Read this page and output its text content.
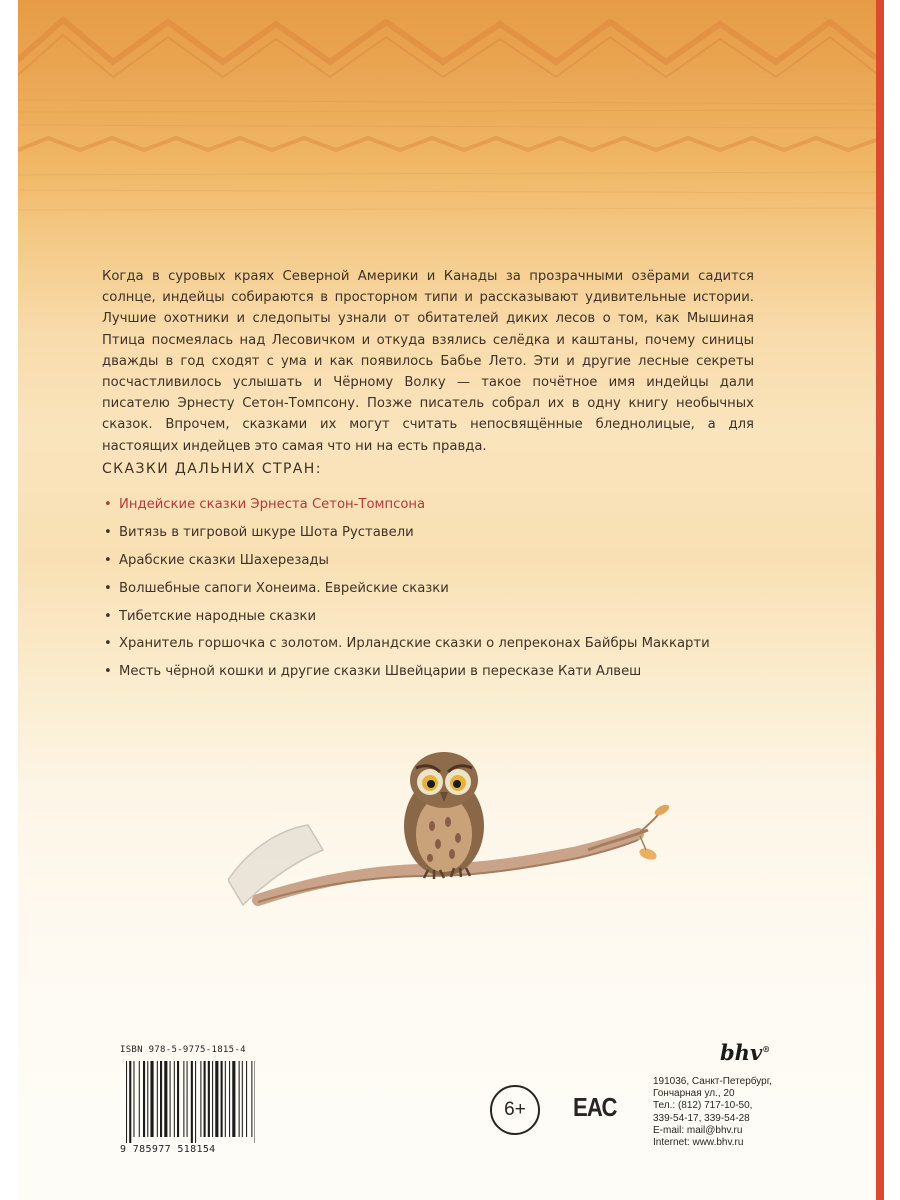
Когда в суровых краях Северной Америки и Канады за прозрачными озёрами садится солнце, индейцы собираются в просторном типи и рассказывают удивительные истории. Лучшие охотники и следопыты узнали от обитателей диких лесов о том, как Мышиная Птица посмеялась над Лесовичком и откуда взялись селёдка и каштаны, почему синицы дважды в год сходят с ума и как появилось Бабье Лето. Эти и другие лесные секреты посчастливилось услышать и Чёрному Волку — такое почётное имя индейцы дали писателю Эрнесту Сетон-Томпсону. Позже писатель собрал их в одну книгу необычных сказок. Впрочем, сказками их могут считать непосвящённые бледнолицые, а для настоящих индейцев это самая что ни на есть правда.

СКАЗКИ ДАЛЬНИХ СТРАН:
• Индейские сказки Эрнеста Сетон-Томпсона
• Витязь в тигровой шкуре Шота Руставели
• Арабские сказки Шахерезады
• Волшебные сапоги Хонеима. Еврейские сказки
• Тибетские народные сказки
• Хранитель горшочка с золотом. Ирландские сказки о лепреконах Байбры Маккарти
• Месть чёрной кошки и другие сказки Швейцарии в пересказе Кати Алвеш
ISBN 978-5-9775-1815-4
9 785977 518154
6+	ЕАС
bhv®
191036, Санкт-Петербург,
Гончарная ул., 20
Тел.: (812) 717-10-50,
339-54-17, 339-54-28
E-mail: mail@bhv.ru
Internet: www.bhv.ru
